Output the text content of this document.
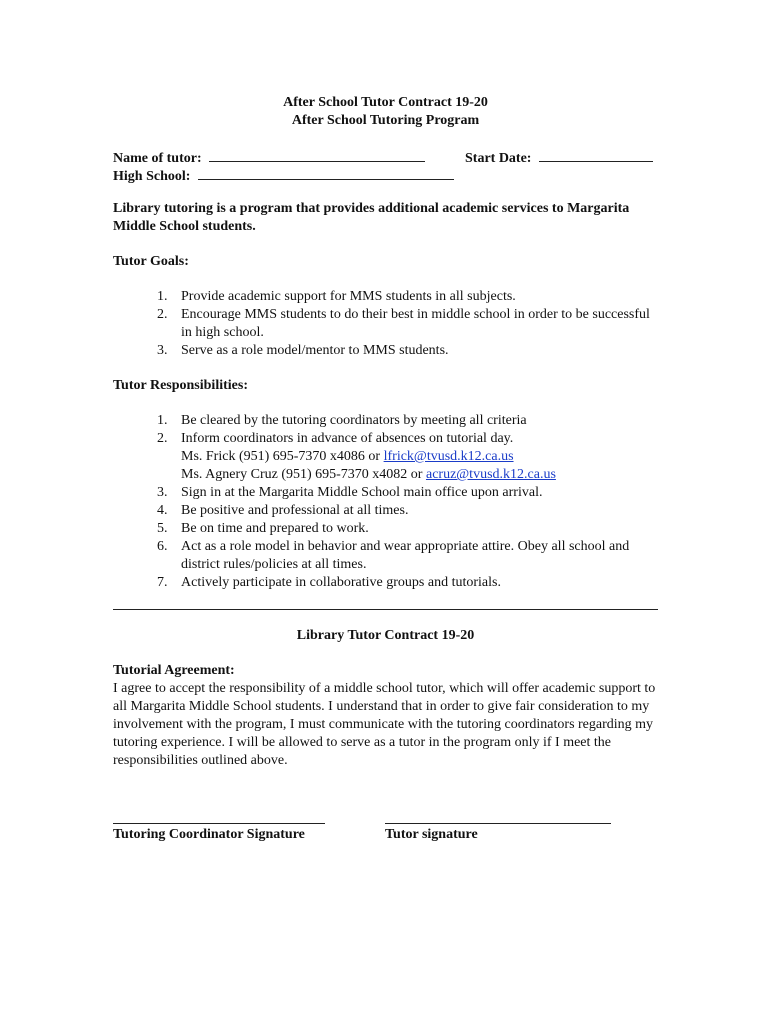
After School Tutor Contract 19-20
After School Tutoring Program
Name of tutor:	Start Date:
High School:
Library tutoring is a program that provides additional academic services to Margarita Middle School students.
Tutor Goals:
1. Provide academic support for MMS students in all subjects.
2. Encourage MMS students to do their best in middle school in order to be successful in high school.
3. Serve as a role model/mentor to MMS students.
Tutor Responsibilities:
1. Be cleared by the tutoring coordinators by meeting all criteria
2. Inform coordinators in advance of absences on tutorial day.
Ms. Frick (951) 695-7370 x4086 or lfrick@tvusd.k12.ca.us
Ms. Agnery Cruz (951) 695-7370 x4082 or acruz@tvusd.k12.ca.us
3. Sign in at the Margarita Middle School main office upon arrival.
4. Be positive and professional at all times.
5. Be on time and prepared to work.
6. Act as a role model in behavior and wear appropriate attire. Obey all school and district rules/policies at all times.
7. Actively participate in collaborative groups and tutorials.
Library Tutor Contract 19-20
Tutorial Agreement:

I agree to accept the responsibility of a middle school tutor, which will offer academic support to all Margarita Middle School students. I understand that in order to give fair consideration to my involvement with the program, I must communicate with the tutoring coordinators regarding my tutoring experience. I will be allowed to serve as a tutor in the program only if I meet the responsibilities outlined above.

Tutoring Coordinator Signature	Tutor signature
